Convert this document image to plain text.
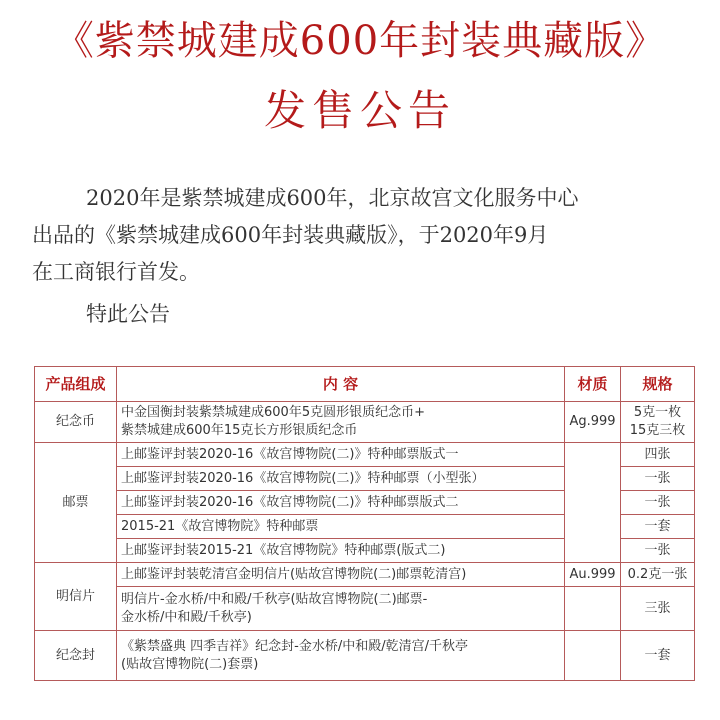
《紫禁城建成600年封装典藏版》
发售公告
2020年是紫禁城建成600年，北京故宫文化服务中心
出品的《紫禁城建成600年封装典藏版》，于2020年9月
在工商银行首发。
特此公告
产品组成	内 容	材质	规格
纪念币	中金国衡封装紫禁城建成600年5克圆形银质纪念币+
紫禁城建成600年15克长方形银质纪念币	Ag.999	5克一枚
15克三枚
邮票	上邮鉴评封装2020-16《故宫博物院(二)》特种邮票版式一		四张
	上邮鉴评封装2020-16《故宫博物院(二)》特种邮票（小型张）		一张
	上邮鉴评封装2020-16《故宫博物院(二)》特种邮票版式二		一张
	2015-21《故宫博物院》特种邮票		一套
	上邮鉴评封装2015-21《故宫博物院》特种邮票(版式二)		一张
明信片	上邮鉴评封装乾清宫金明信片(贴故宫博物院(二)邮票乾清宫)	Au.999	0.2克一张
	明信片-金水桥/中和殿/千秋亭(贴故宫博物院(二)邮票-
金水桥/中和殿/千秋亭)		三张
纪念封	《紫禁盛典 四季吉祥》纪念封-金水桥/中和殿/乾清宫/千秋亭
(贴故宫博物院(二)套票)		一套
